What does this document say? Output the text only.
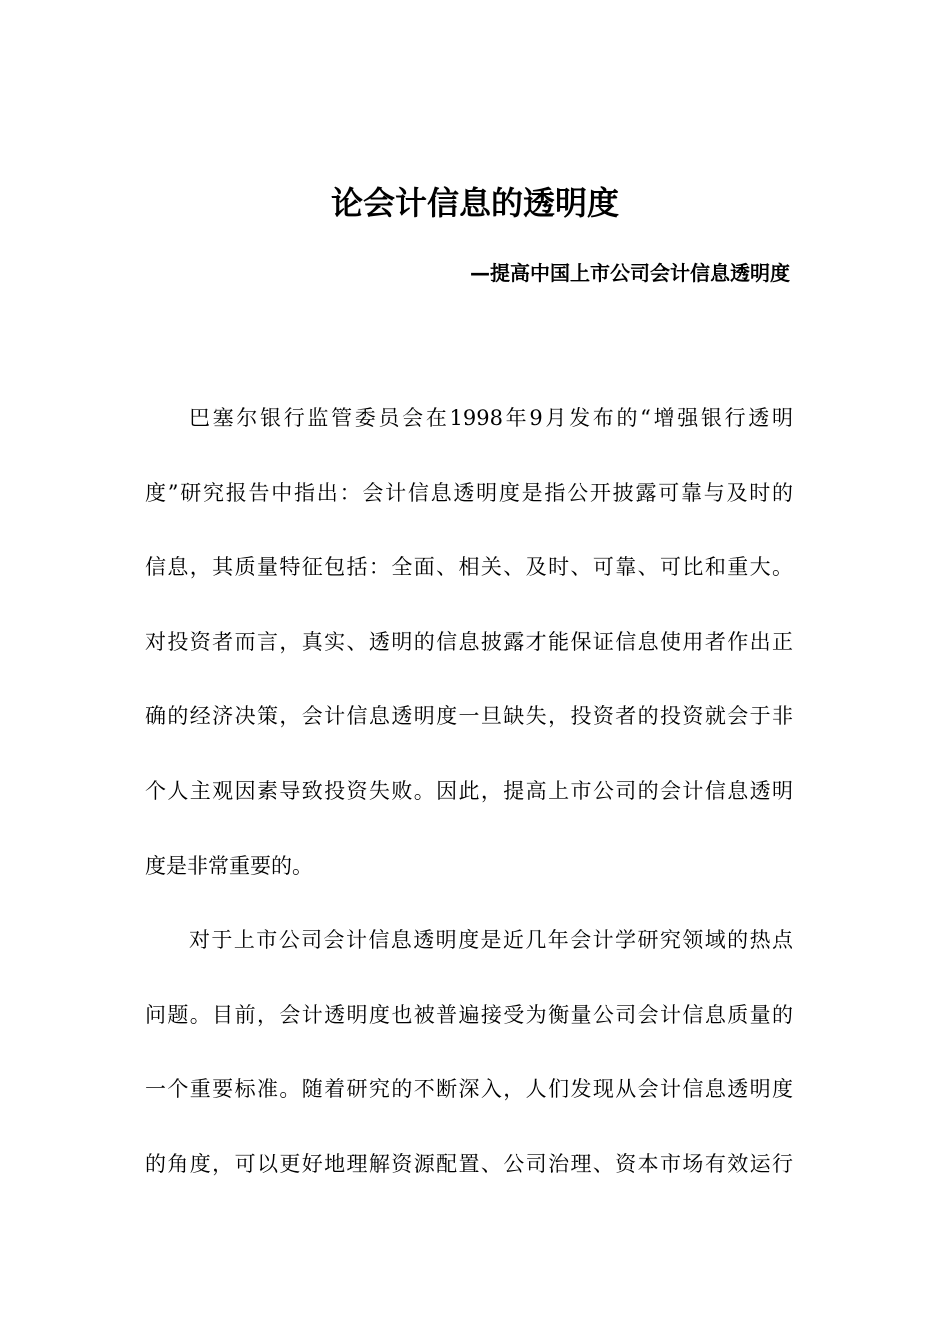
论会计信息的透明度
—提高中国上市公司会计信息透明度
巴塞尔银行监管委员会在1998年9月发布的“增强银行透明
度”研究报告中指出：会计信息透明度是指公开披露可靠与及时的
信息，其质量特征包括：全面、相关、及时、可靠、可比和重大。
对投资者而言，真实、透明的信息披露才能保证信息使用者作出正
确的经济决策，会计信息透明度一旦缺失，投资者的投资就会于非
个人主观因素导致投资失败。因此，提高上市公司的会计信息透明
度是非常重要的。
对于上市公司会计信息透明度是近几年会计学研究领域的热点
问题。目前，会计透明度也被普遍接受为衡量公司会计信息质量的
一个重要标准。随着研究的不断深入，人们发现从会计信息透明度
的角度，可以更好地理解资源配置、公司治理、资本市场有效运行
